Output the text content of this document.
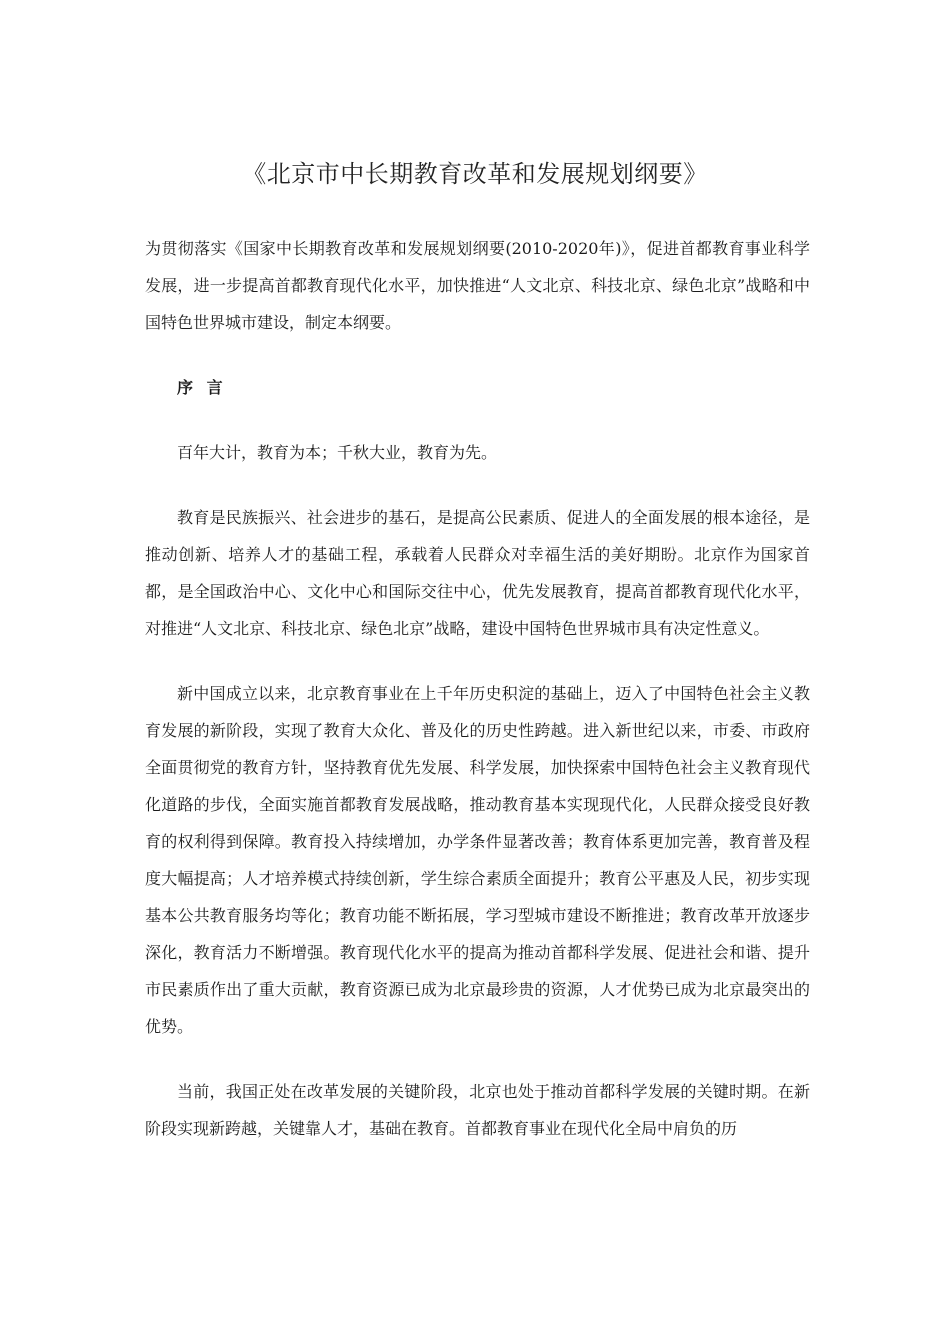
《北京市中长期教育改革和发展规划纲要》

为贯彻落实《国家中长期教育改革和发展规划纲要(2010-2020年)》，促进首都教育事业科学发展，进一步提高首都教育现代化水平，加快推进“人文北京、科技北京、绿色北京”战略和中国特色世界城市建设，制定本纲要。

序 言

百年大计，教育为本；千秋大业，教育为先。

教育是民族振兴、社会进步的基石，是提高公民素质、促进人的全面发展的根本途径，是推动创新、培养人才的基础工程，承载着人民群众对幸福生活的美好期盼。北京作为国家首都，是全国政治中心、文化中心和国际交往中心，优先发展教育，提高首都教育现代化水平，对推进“人文北京、科技北京、绿色北京”战略，建设中国特色世界城市具有决定性意义。

新中国成立以来，北京教育事业在上千年历史积淀的基础上，迈入了中国特色社会主义教育发展的新阶段，实现了教育大众化、普及化的历史性跨越。进入新世纪以来，市委、市政府全面贯彻党的教育方针，坚持教育优先发展、科学发展，加快探索中国特色社会主义教育现代化道路的步伐，全面实施首都教育发展战略，推动教育基本实现现代化，人民群众接受良好教育的权利得到保障。教育投入持续增加，办学条件显著改善；教育体系更加完善，教育普及程度大幅提高；人才培养模式持续创新，学生综合素质全面提升；教育公平惠及人民，初步实现基本公共教育服务均等化；教育功能不断拓展，学习型城市建设不断推进；教育改革开放逐步深化，教育活力不断增强。教育现代化水平的提高为推动首都科学发展、促进社会和谐、提升市民素质作出了重大贡献，教育资源已成为北京最珍贵的资源，人才优势已成为北京最突出的优势。

当前，我国正处在改革发展的关键阶段，北京也处于推动首都科学发展的关键时期。在新阶段实现新跨越，关键靠人才，基础在教育。首都教育事业在现代化全局中肩负的历
